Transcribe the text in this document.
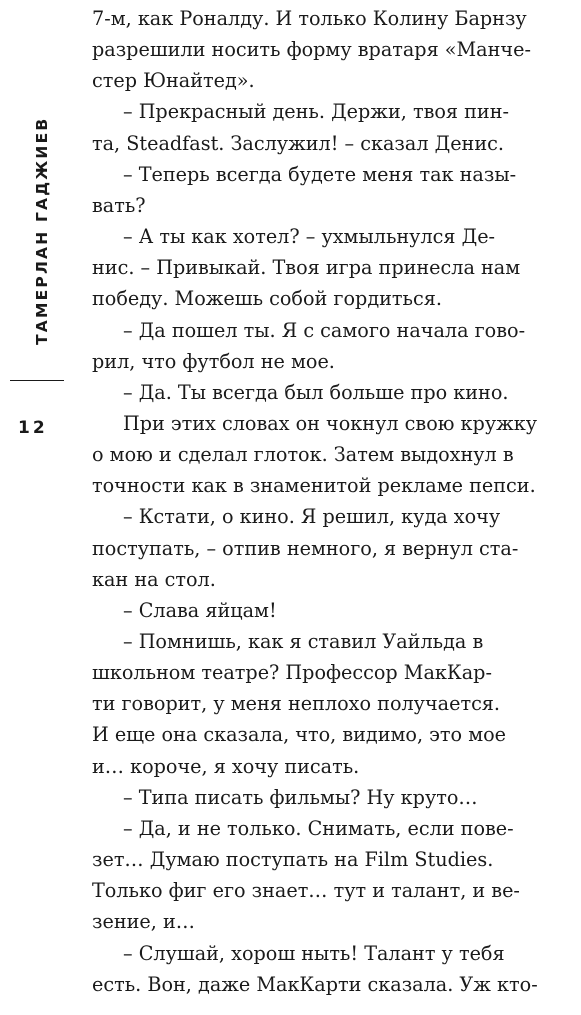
ТАМЕРЛАН ГАДЖИЕВ
12
7-м, как Роналду. И только Колину Барнзу
разрешили носить форму вратаря «Манче-
стер Юнайтед».
– Прекрасный день. Держи, твоя пин-
та, Steadfast. Заслужил! – сказал Денис.
– Теперь всегда будете меня так назы-
вать?
– А ты как хотел? – ухмыльнулся Де-
нис. – Привыкай. Твоя игра принесла нам
победу. Можешь собой гордиться.
– Да пошел ты. Я с самого начала гово-
рил, что футбол не мое.
– Да. Ты всегда был больше про кино.
При этих словах он чокнул свою кружку
о мою и сделал глоток. Затем выдохнул в
точности как в знаменитой рекламе пепси.
– Кстати, о кино. Я решил, куда хочу
поступать, – отпив немного, я вернул ста-
кан на стол.
– Слава яйцам!
– Помнишь, как я ставил Уайльда в
школьном театре? Профессор МакКар-
ти говорит, у меня неплохо получается.
И еще она сказала, что, видимо, это мое
и… короче, я хочу писать.
– Типа писать фильмы? Ну круто…
– Да, и не только. Снимать, если пове-
зет… Думаю поступать на Film Studies.
Только фиг его знает… тут и талант, и ве-
зение, и…
– Слушай, хорош ныть! Талант у тебя
есть. Вон, даже МакКарти сказала. Уж кто-
